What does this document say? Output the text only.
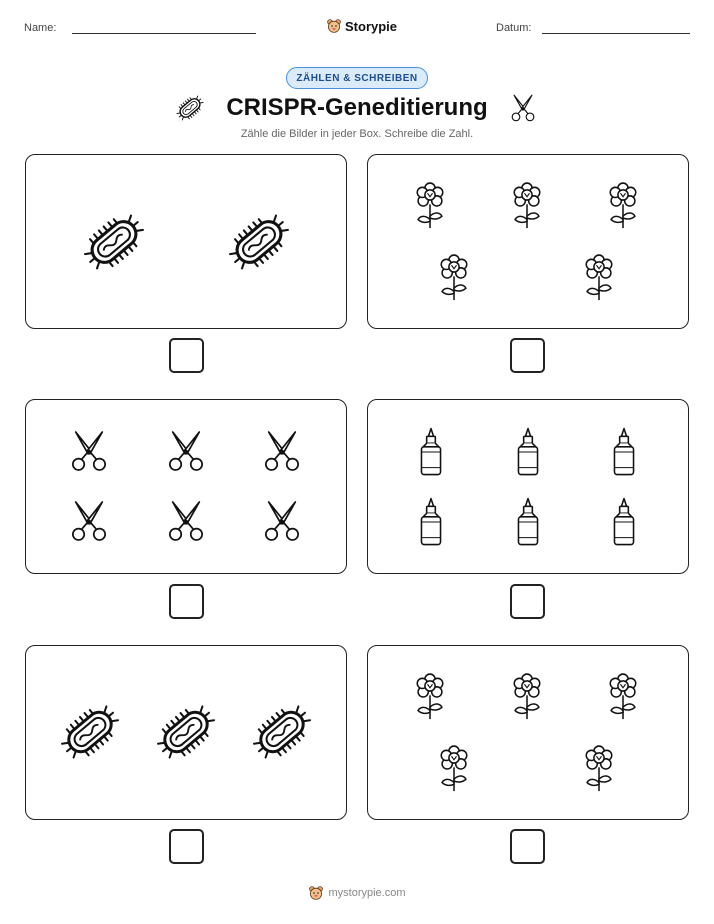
Name:	Storypie	Datum:
ZÄHLEN & SCHREIBEN
CRISPR-Geneditierung
Zähle die Bilder in jeder Box. Schreibe die Zahl.
mystorypie.com
